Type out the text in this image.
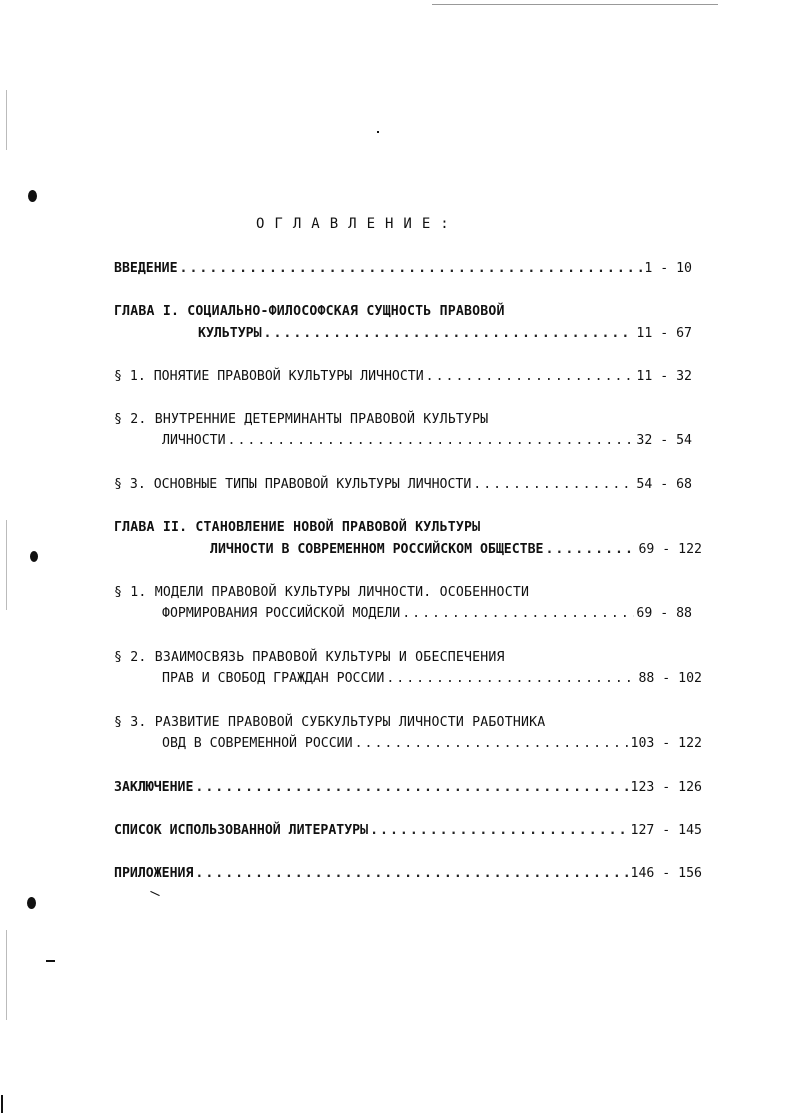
ОГЛАВЛЕНИЕ:
ВВЕДЕНИЕ .....	1 - 10
ГЛАВА I. СОЦИАЛЬНО-ФИЛОСОФСКАЯ СУЩНОСТЬ ПРАВОВОЙ
КУЛЬТУРЫ .....	11 - 67
§ 1. ПОНЯТИЕ ПРАВОВОЙ КУЛЬТУРЫ ЛИЧНОСТИ .....	11 - 32
§ 2. ВНУТРЕННИЕ ДЕТЕРМИНАНТЫ ПРАВОВОЙ КУЛЬТУРЫ
ЛИЧНОСТИ .....	32 - 54
§ 3. ОСНОВНЫЕ ТИПЫ ПРАВОВОЙ КУЛЬТУРЫ ЛИЧНОСТИ .....	54 - 68
ГЛАВА II. СТАНОВЛЕНИЕ НОВОЙ ПРАВОВОЙ КУЛЬТУРЫ
ЛИЧНОСТИ В СОВРЕМЕННОМ РОССИЙСКОМ ОБЩЕСТВЕ .....	69 - 122
§ 1. МОДЕЛИ ПРАВОВОЙ КУЛЬТУРЫ ЛИЧНОСТИ. ОСОБЕННОСТИ
ФОРМИРОВАНИЯ РОССИЙСКОЙ МОДЕЛИ .....	69 - 88
§ 2. ВЗАИМОСВЯЗЬ ПРАВОВОЙ КУЛЬТУРЫ И ОБЕСПЕЧЕНИЯ
ПРАВ И СВОБОД ГРАЖДАН РОССИИ .....	88 - 102
§ 3. РАЗВИТИЕ ПРАВОВОЙ СУБКУЛЬТУРЫ ЛИЧНОСТИ РАБОТНИКА
ОВД В СОВРЕМЕННОЙ РОССИИ .....	103 - 122
ЗАКЛЮЧЕНИЕ .....	123 - 126
СПИСОК ИСПОЛЬЗОВАННОЙ ЛИТЕРАТУРЫ .....	127 - 145
ПРИЛОЖЕНИЯ .....	146 - 156
